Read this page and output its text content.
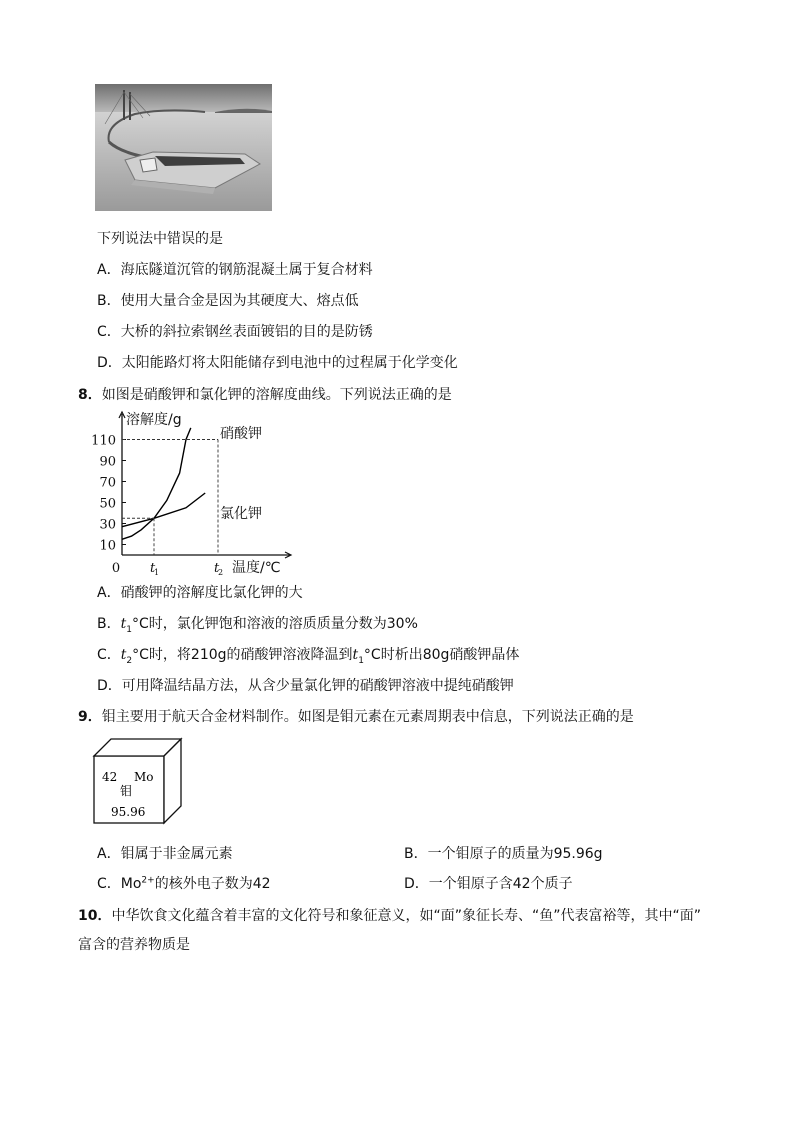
下列说法中错误的是
A．海底隧道沉管的钢筋混凝土属于复合材料
B．使用大量合金是因为其硬度大、熔点低
C．大桥的斜拉索钢丝表面镀铝的目的是防锈
D．太阳能路灯将太阳能储存到电池中的过程属于化学变化
8．如图是硝酸钾和氯化钾的溶解度曲线。下列说法正确的是
110
90
70
50
30
10
0 t
1	t
2
溶解度/g
温度/℃
硝酸钾
氯化钾
A．硝酸钾的溶解度比氯化钾的大
B．$t_1^\circ C$时，氯化钾饱和溶液的溶质质量分数为30%
C．$t_2^\circ C$时，将210g的硝酸钾溶液降温到$t_1^\circ C$时析出80g硝酸钾晶体
D．可用降温结晶方法，从含少量氯化钾的硝酸钾溶液中提纯硝酸钾
9．钼主要用于航天合金材料制作。如图是钼元素在元素周期表中信息，下列说法正确的是
42 Mo
钼
95.96
A．钼属于非金属元素	B．一个钼原子的质量为95.96g
C．$Mo^{2+}$的核外电子数为42	D．一个钼原子含42个质子
10．中华饮食文化蕴含着丰富的文化符号和象征意义，如“面”象征长寿、“鱼”代表富裕等，其中“面”
富含的营养物质是
